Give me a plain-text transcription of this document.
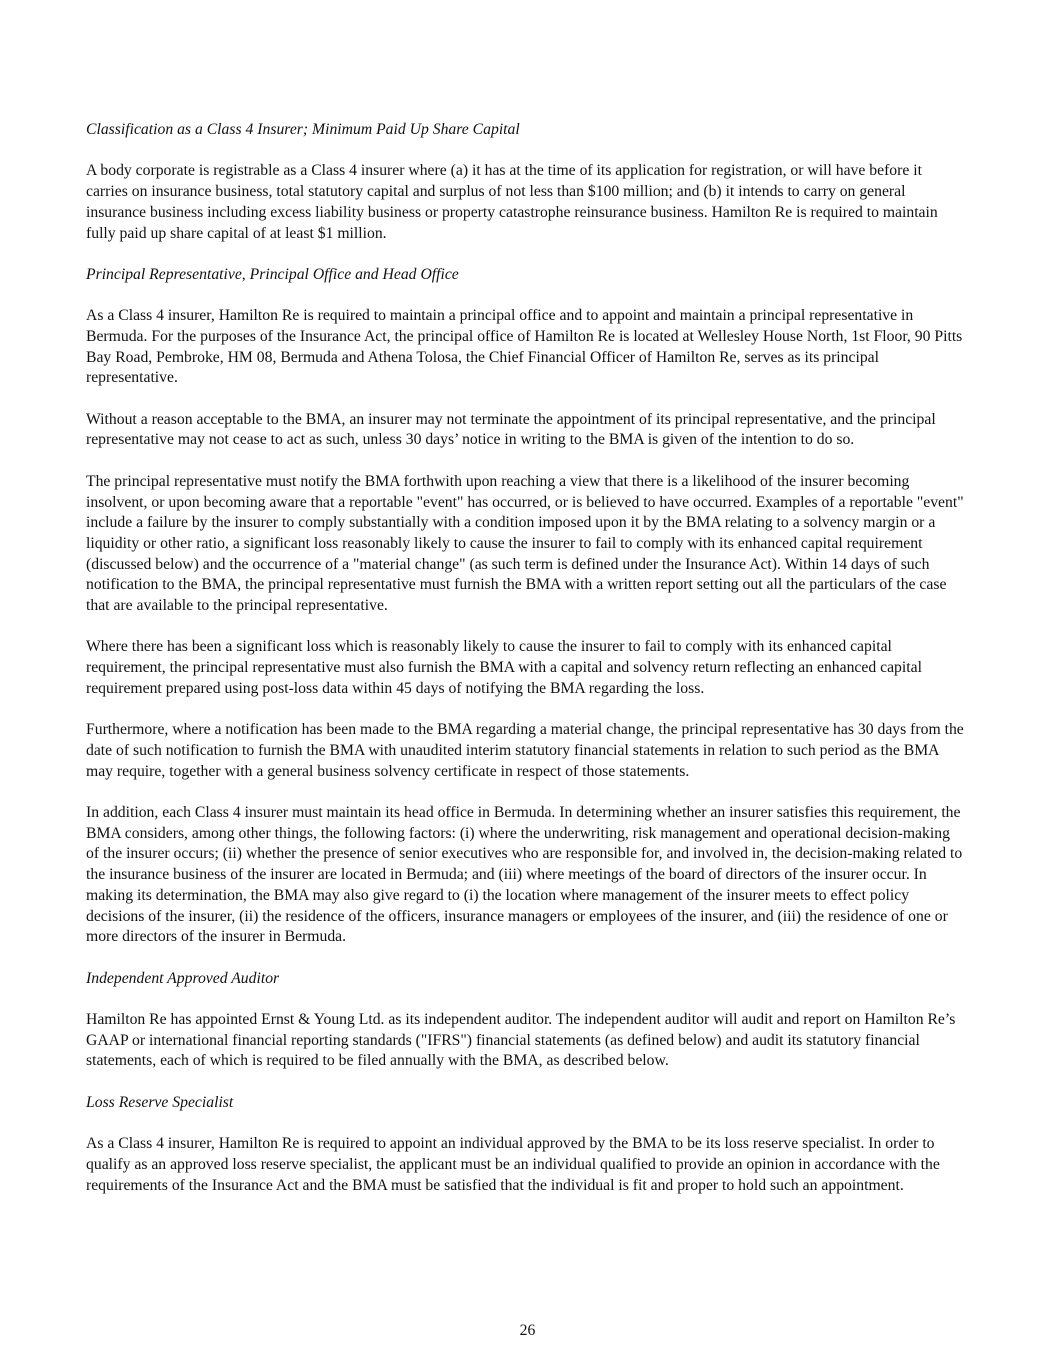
Classification as a Class 4 Insurer; Minimum Paid Up Share Capital

A body corporate is registrable as a Class 4 insurer where (a) it has at the time of its application for registration, or will have before it carries on insurance business, total statutory capital and surplus of not less than $100 million; and (b) it intends to carry on general insurance business including excess liability business or property catastrophe reinsurance business. Hamilton Re is required to maintain fully paid up share capital of at least $1 million.

Principal Representative, Principal Office and Head Office

As a Class 4 insurer, Hamilton Re is required to maintain a principal office and to appoint and maintain a principal representative in Bermuda. For the purposes of the Insurance Act, the principal office of Hamilton Re is located at Wellesley House North, 1st Floor, 90 Pitts Bay Road, Pembroke, HM 08, Bermuda and Athena Tolosa, the Chief Financial Officer of Hamilton Re, serves as its principal representative.

Without a reason acceptable to the BMA, an insurer may not terminate the appointment of its principal representative, and the principal representative may not cease to act as such, unless 30 days’ notice in writing to the BMA is given of the intention to do so.

The principal representative must notify the BMA forthwith upon reaching a view that there is a likelihood of the insurer becoming insolvent, or upon becoming aware that a reportable "event" has occurred, or is believed to have occurred. Examples of a reportable "event" include a failure by the insurer to comply substantially with a condition imposed upon it by the BMA relating to a solvency margin or a liquidity or other ratio, a significant loss reasonably likely to cause the insurer to fail to comply with its enhanced capital requirement (discussed below) and the occurrence of a "material change" (as such term is defined under the Insurance Act). Within 14 days of such notification to the BMA, the principal representative must furnish the BMA with a written report setting out all the particulars of the case that are available to the principal representative.

Where there has been a significant loss which is reasonably likely to cause the insurer to fail to comply with its enhanced capital requirement, the principal representative must also furnish the BMA with a capital and solvency return reflecting an enhanced capital requirement prepared using post-loss data within 45 days of notifying the BMA regarding the loss.

Furthermore, where a notification has been made to the BMA regarding a material change, the principal representative has 30 days from the date of such notification to furnish the BMA with unaudited interim statutory financial statements in relation to such period as the BMA may require, together with a general business solvency certificate in respect of those statements.

In addition, each Class 4 insurer must maintain its head office in Bermuda. In determining whether an insurer satisfies this requirement, the BMA considers, among other things, the following factors: (i) where the underwriting, risk management and operational decision-making of the insurer occurs; (ii) whether the presence of senior executives who are responsible for, and involved in, the decision-making related to the insurance business of the insurer are located in Bermuda; and (iii) where meetings of the board of directors of the insurer occur. In making its determination, the BMA may also give regard to (i) the location where management of the insurer meets to effect policy decisions of the insurer, (ii) the residence of the officers, insurance managers or employees of the insurer, and (iii) the residence of one or more directors of the insurer in Bermuda.

Independent Approved Auditor

Hamilton Re has appointed Ernst & Young Ltd. as its independent auditor. The independent auditor will audit and report on Hamilton Re’s GAAP or international financial reporting standards ("IFRS") financial statements (as defined below) and audit its statutory financial statements, each of which is required to be filed annually with the BMA, as described below.

Loss Reserve Specialist

As a Class 4 insurer, Hamilton Re is required to appoint an individual approved by the BMA to be its loss reserve specialist. In order to qualify as an approved loss reserve specialist, the applicant must be an individual qualified to provide an opinion in accordance with the requirements of the Insurance Act and the BMA must be satisfied that the individual is fit and proper to hold such an appointment.

26
